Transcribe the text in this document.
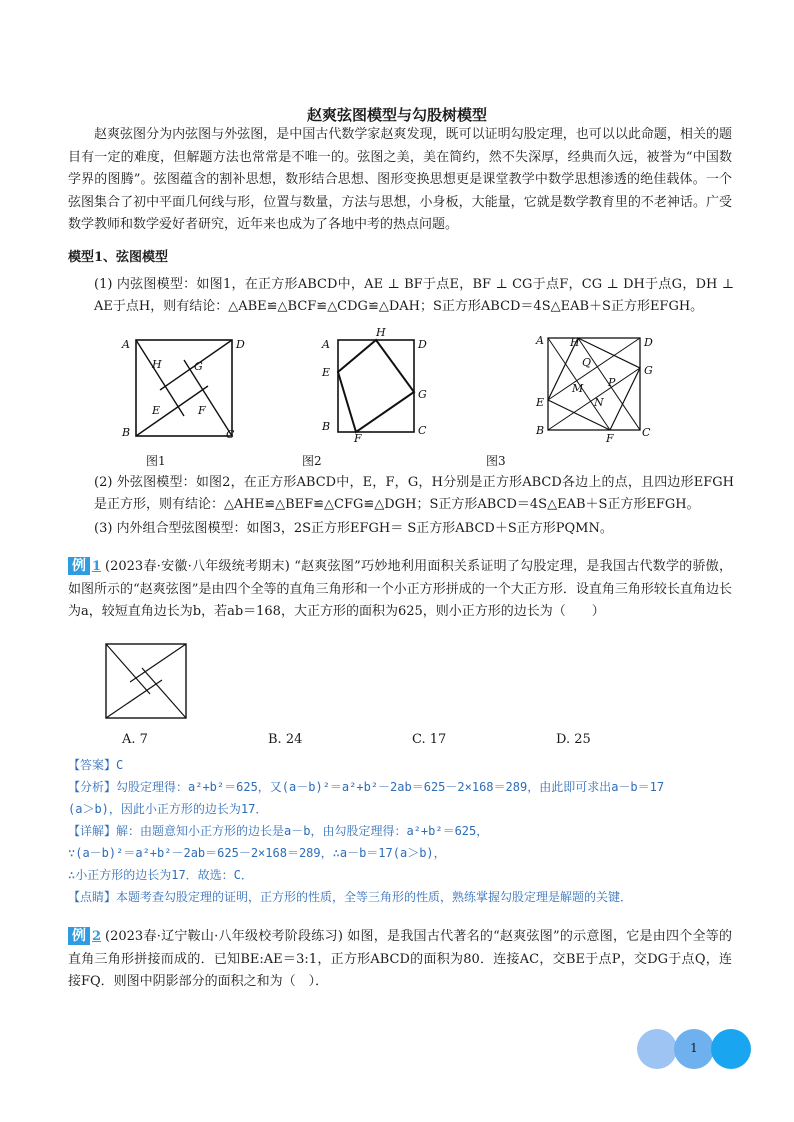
赵爽弦图模型与勾股树模型

赵爽弦图分为内弦图与外弦图，是中国古代数学家赵爽发现，既可以证明勾股定理，也可以以此命题，相关的题目有一定的难度，但解题方法也常常是不唯一的。弦图之美，美在简约，然不失深厚，经典而久远，被誉为“中国数学界的图腾”。弦图蕴含的割补思想，数形结合思想、图形变换思想更是课堂教学中数学思想渗透的绝佳载体。一个弦图集合了初中平面几何线与形，位置与数量，方法与思想，小身板，大能量，它就是数学教育里的不老神话。广受数学教师和数学爱好者研究，近年来也成为了各地中考的热点问题。

模型1、弦图模型
(1) 内弦图模型：如图1，在正方形ABCD中，AE ⊥ BF于点E，BF ⊥ CG于点F，CG ⊥ DH于点G，DH ⊥ AE于点H，则有结论：△ABE≌△BCF≌△CDG≌△DAH；S正方形ABCD＝4S△EAB＋S正方形EFGH。
A	D
H	G
E	F
B	C
H
A	D
E
G
B
F
C
A H	D
Q
G
P
M
N
E
B
F	C
图1	图2	图3
(2) 外弦图模型：如图2，在正方形ABCD中，E，F，G，H分别是正方形ABCD各边上的点，且四边形EFGH是正方形，则有结论：△AHE≌△BEF≌△CFG≌△DGH；S正方形ABCD＝4S△EAB＋S正方形EFGH。
(3) 内外组合型弦图模型：如图3，2S正方形EFGH＝ S正方形ABCD＋S正方形PQMN。
例 1 (2023春·安徽·八年级统考期末) “赵爽弦图”巧妙地利用面积关系证明了勾股定理，是我国古代数学的骄傲，如图所示的“赵爽弦图”是由四个全等的直角三角形和一个小正方形拼成的一个大正方形．设直角三角形较长直角边长为a，较短直角边长为b，若ab＝168，大正方形的面积为625，则小正方形的边长为（　　）
A. 7	B. 24	C. 17	D. 25
【答案】C
【分析】勾股定理得：a²+b²＝625，又(a－b)²＝a²+b²－2ab＝625－2×168＝289，由此即可求出a－b＝17
(a＞b)，因此小正方形的边长为17．
【详解】解：由题意知小正方形的边长是a－b，由勾股定理得：a²+b²＝625，
∵(a－b)²＝a²+b²－2ab＝625－2×168＝289，∴a－b＝17(a＞b)，
∴小正方形的边长为17．故选：C．
【点睛】本题考查勾股定理的证明，正方形的性质，全等三角形的性质，熟练掌握勾股定理是解题的关键．
例 2 (2023春·辽宁鞍山·八年级校考阶段练习) 如图，是我国古代著名的“赵爽弦图”的示意图，它是由四个全等的直角三角形拼接而成的．已知BE:AE＝3:1，正方形ABCD的面积为80．连接AC，交BE于点P，交DG于点Q，连接FQ．则图中阴影部分的面积之和为（　）．
1
